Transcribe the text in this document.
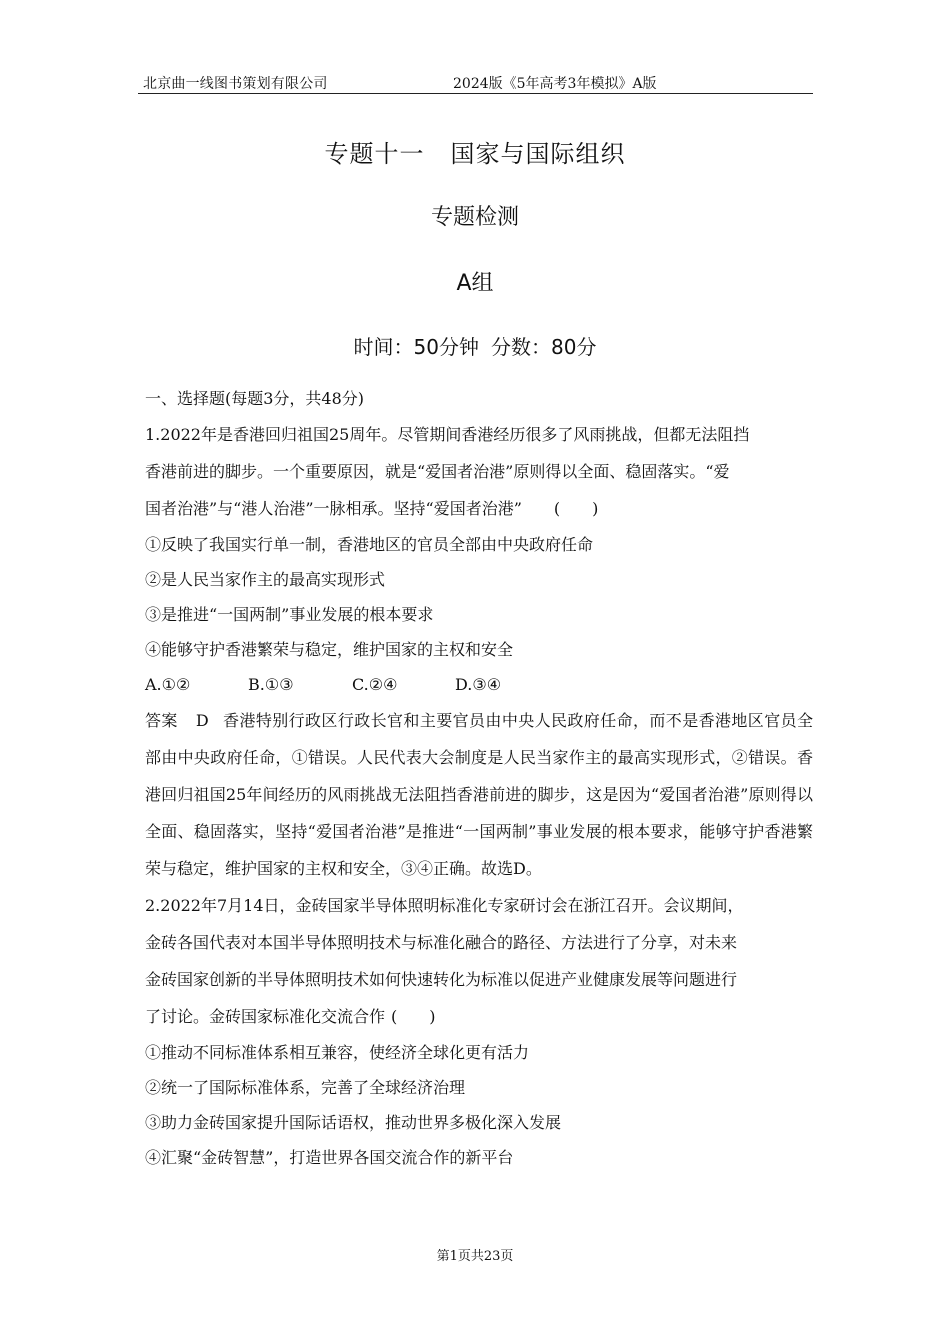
北京曲一线图书策划有限公司	2024版《5年高考3年模拟》A版
专题十一 国家与国际组织
专题检测
A组
时间：50分钟 分数：80分
一、选择题(每题3分，共48分)
1.2022年是香港回归祖国25周年。尽管期间香港经历很多了风雨挑战，但都无法阻挡
香港前进的脚步。一个重要原因，就是“爱国者治港”原则得以全面、稳固落实。“爱
国者治港”与“港人治港”一脉相承。坚持“爱国者治港” (　　)
①反映了我国实行单一制，香港地区的官员全部由中央政府任命
②是人民当家作主的最高实现形式
③是推进“一国两制”事业发展的根本要求
④能够守护香港繁荣与稳定，维护国家的主权和安全
A.①②	B.①③	C.②④	D.③④
答案 D 香港特别行政区行政长官和主要官员由中央人民政府任命，而不是香港地区官员全部由中央政府任命，①错误。人民代表大会制度是人民当家作主的最高实现形式，②错误。香港回归祖国25年间经历的风雨挑战无法阻挡香港前进的脚步，这是因为“爱国者治港”原则得以全面、稳固落实，坚持“爱国者治港”是推进“一国两制”事业发展的根本要求，能够守护香港繁荣与稳定，维护国家的主权和安全，③④正确。故选D。
2.2022年7月14日，金砖国家半导体照明标准化专家研讨会在浙江召开。会议期间，
金砖各国代表对本国半导体照明技术与标准化融合的路径、方法进行了分享，对未来
金砖国家创新的半导体照明技术如何快速转化为标准以促进产业健康发展等问题进行
了讨论。金砖国家标准化交流合作 (　　)
①推动不同标准体系相互兼容，使经济全球化更有活力
②统一了国际标准体系，完善了全球经济治理
③助力金砖国家提升国际话语权，推动世界多极化深入发展
④汇聚“金砖智慧”，打造世界各国交流合作的新平台
第1页共23页
